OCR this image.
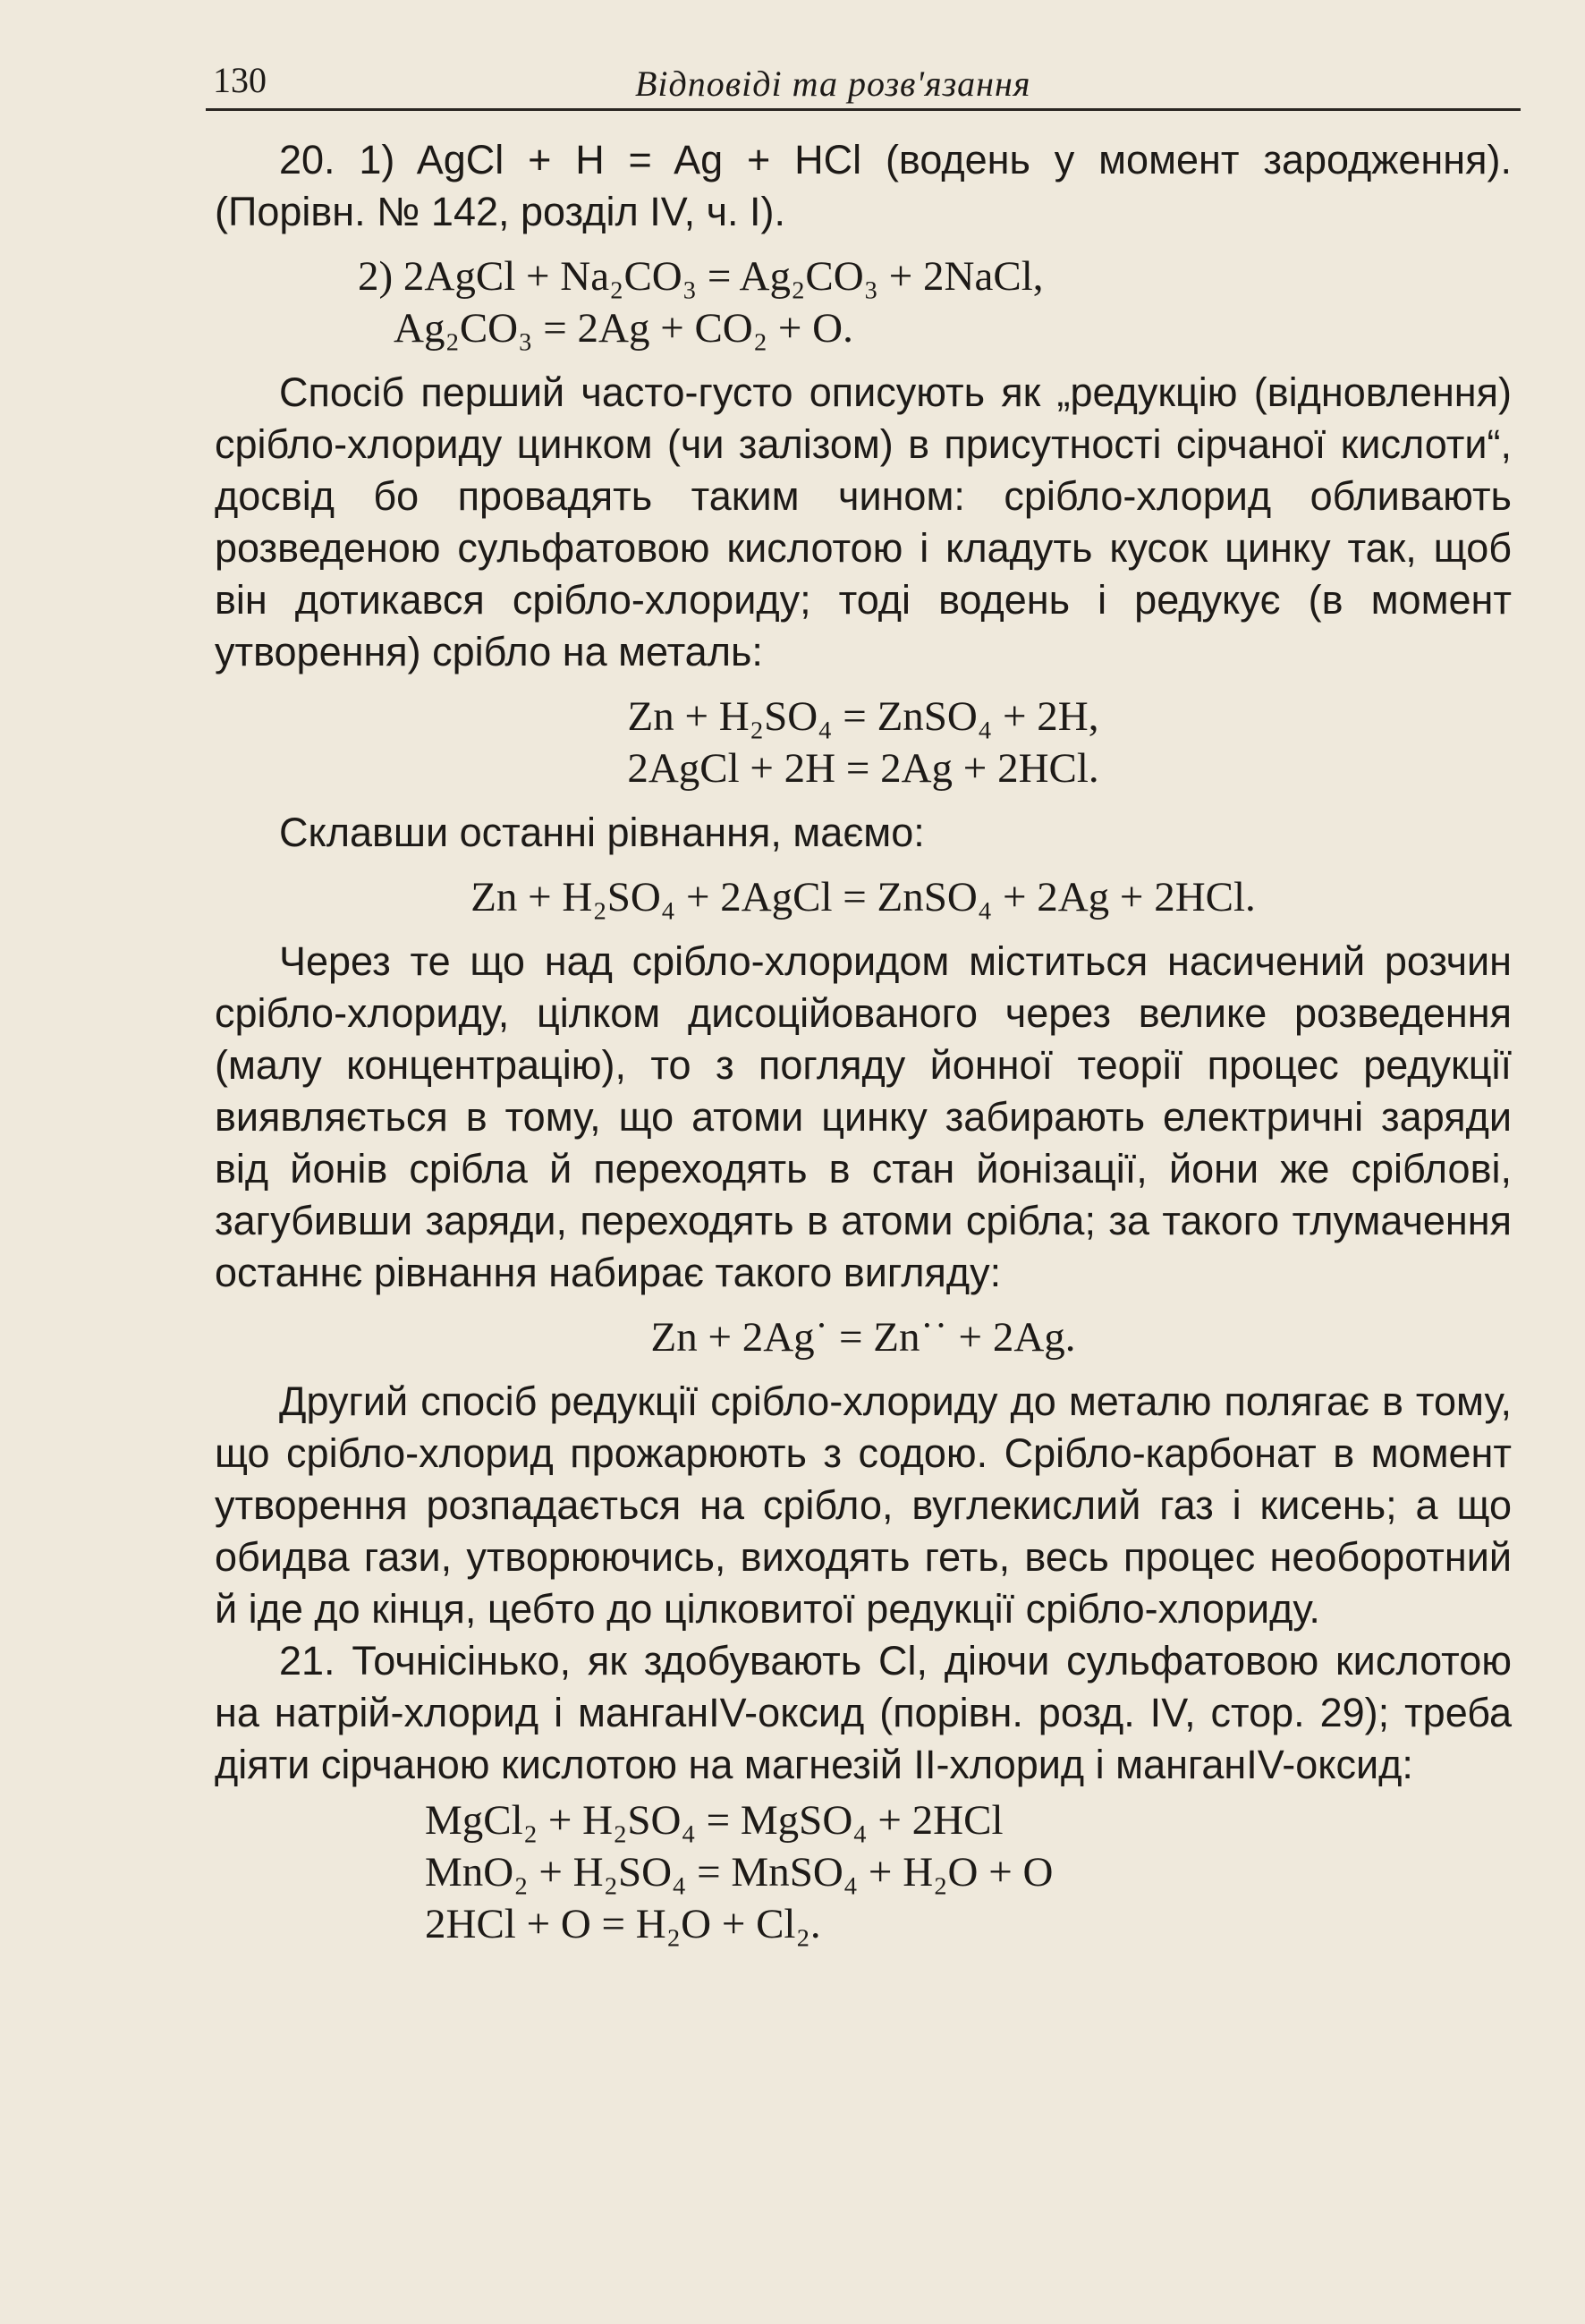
130	Відповіді та розв'язання

20. 1) AgCl + H = Ag + HCl (водень у момент зародження). (Порівн. № 142, розділ IV, ч. I).

2) 2AgCl + Na₂CO₃ = Ag₂CO₃ + 2NaCl,
Ag₂CO₃ = 2Ag + CO₂ + O.

Спосіб перший часто-густо описують як „редукцію (відновлення) срібло-хлориду цинком (чи залізом) в присутності сірчаної кислоти“, досвід бо провадять таким чином: срібло-хлорид обливають розведеною сульфатовою кислотою і кладуть кусок цинку так, щоб він дотикався срібло-хлориду; тоді водень і редукує (в момент утворення) срібло на металь:

Zn + H₂SO₄ = ZnSO₄ + 2H,
2AgCl + 2H = 2Ag + 2HCl.

Склавши останні рівнання, маємо:

Zn + H₂SO₄ + 2AgCl = ZnSO₄ + 2Ag + 2HCl.

Через те що над срібло-хлоридом міститься насичений розчин срібло-хлориду, цілком дисоційованого через велике розведення (малу концентрацію), то з погляду йонної теорії процес редукції виявляється в тому, що атоми цинку забирають електричні заряди від йонів срібла й переходять в стан йонізації, йони же сріблові, загубивши заряди, переходять в атоми срібла; за такого тлумачення останнє рівнання набирає такого вигляду:

Zn + 2Ag˙ = Zn˙˙ + 2Ag.

Другий спосіб редукції срібло-хлориду до металю полягає в тому, що срібло-хлорид прожарюють з содою. Срібло-карбонат в момент утворення розпадається на срібло, вуглекислий газ і кисень; а що обидва гази, утворюючись, виходять геть, весь процес необоротний й іде до кінця, цебто до цілковитої редукції срібло-хлориду.

21. Точнісінько, як здобувають Cl, діючи сульфатовою кислотою на натрій-хлорид і манганIV-оксид (порівн. розд. IV, стор. 29); треба діяти сірчаною кислотою на магнезій II-хлорид і манганIV-оксид:

MgCl₂ + H₂SO₄ = MgSO₄ + 2HCl
MnO₂ + H₂SO₄ = MnSO₄ + H₂O + O
2HCl + O = H₂O + Cl₂.
